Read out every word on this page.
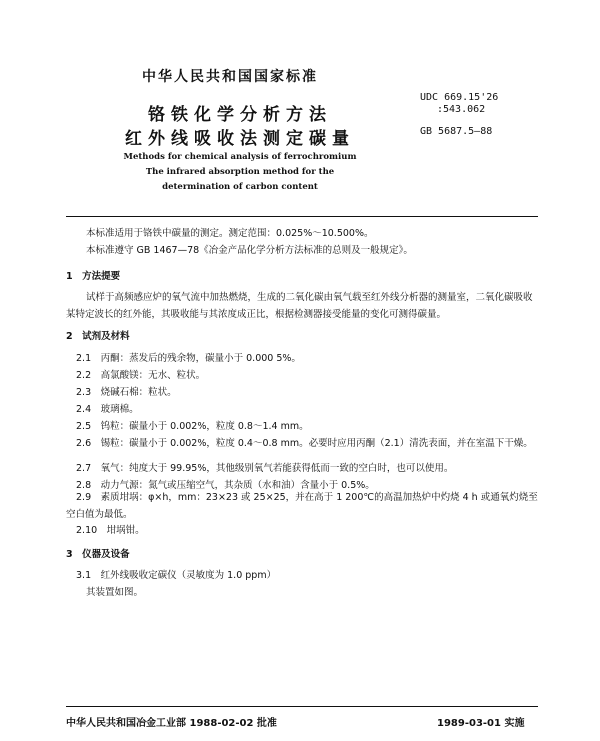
中华人民共和国国家标准
铬铁化学分析方法
红外线吸收法测定碳量
UDC 669.15'26
:543.062
GB 5687.5—88
Methods for chemical analysis of ferrochromium
The infrared absorption method for the
determination of carbon content
本标准适用于铬铁中碳量的测定。测定范围：0.025%～10.500%。
本标准遵守 GB 1467—78《冶金产品化学分析方法标准的总则及一般规定》。
1　方法提要
试样于高频感应炉的氧气流中加热燃烧，生成的二氧化碳由氧气载至红外线分析器的测量室，二氧化碳吸收某特定波长的红外能，其吸收能与其浓度成正比，根据检测器接受能量的变化可测得碳量。
2　试剂及材料
2.1　丙酮：蒸发后的残余物，碳量小于 0.000 5%。
2.2　高氯酸镁：无水、粒状。
2.3　烧碱石棉：粒状。
2.4　玻璃棉。
2.5　钨粒：碳量小于 0.002%，粒度 0.8～1.4 mm。
2.6　锡粒：碳量小于 0.002%，粒度 0.4～0.8 mm。必要时应用丙酮（2.1）清洗表面，并在室温下干燥。
2.7　氧气：纯度大于 99.95%，其他级别氧气若能获得低而一致的空白时，也可以使用。
2.8　动力气源：氮气或压缩空气，其杂质（水和油）含量小于 0.5%。
2.9　素质坩埚：φ×h，mm：23×23 或 25×25，并在高于 1 200℃的高温加热炉中灼烧 4 h 或通氧灼烧至空白值为最低。
2.10　坩埚钳。
3　仪器及设备
3.1　红外线吸收定碳仪（灵敏度为 1.0 ppm）
其装置如图。
中华人民共和国冶金工业部 1988-02-02 批准	1989-03-01 实施
